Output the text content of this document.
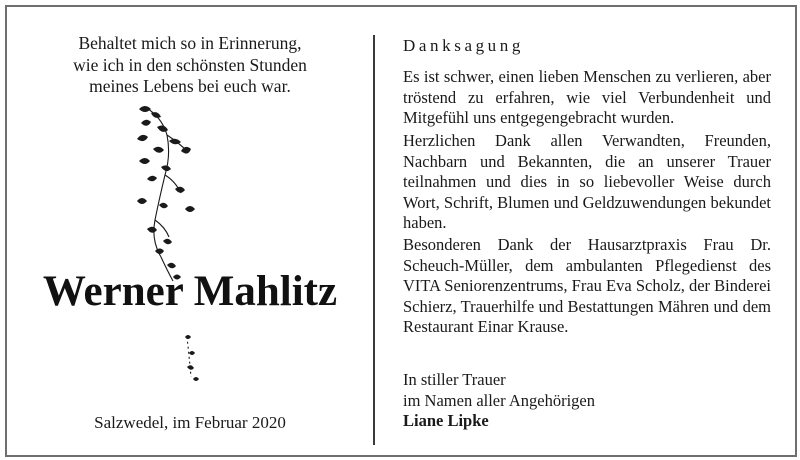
Behaltet mich so in Erinnerung,
wie ich in den schönsten Stunden
meines Lebens bei euch war.
Werner Mahlitz
Salzwedel, im Februar 2020
Danksagung
Es ist schwer, einen lieben Menschen zu verlieren, aber tröstend zu erfahren, wie viel Verbundenheit und Mitgefühl uns entgegengebracht wurden.
Herzlichen Dank allen Verwandten, Freunden, Nachbarn und Bekannten, die an unserer Trauer teilnahmen und dies in so liebevoller Weise durch Wort, Schrift, Blumen und Geldzuwendungen bekundet haben.
Besonderen Dank der Hausarztpraxis Frau Dr. Scheuch-Müller, dem ambulanten Pflegedienst des VITA Seniorenzentrums, Frau Eva Scholz, der Binderei Schierz, Trauerhilfe und Bestattungen Mähren und dem Restaurant Einar Krause.
In stiller Trauer
im Namen aller Angehörigen
Liane Lipke
